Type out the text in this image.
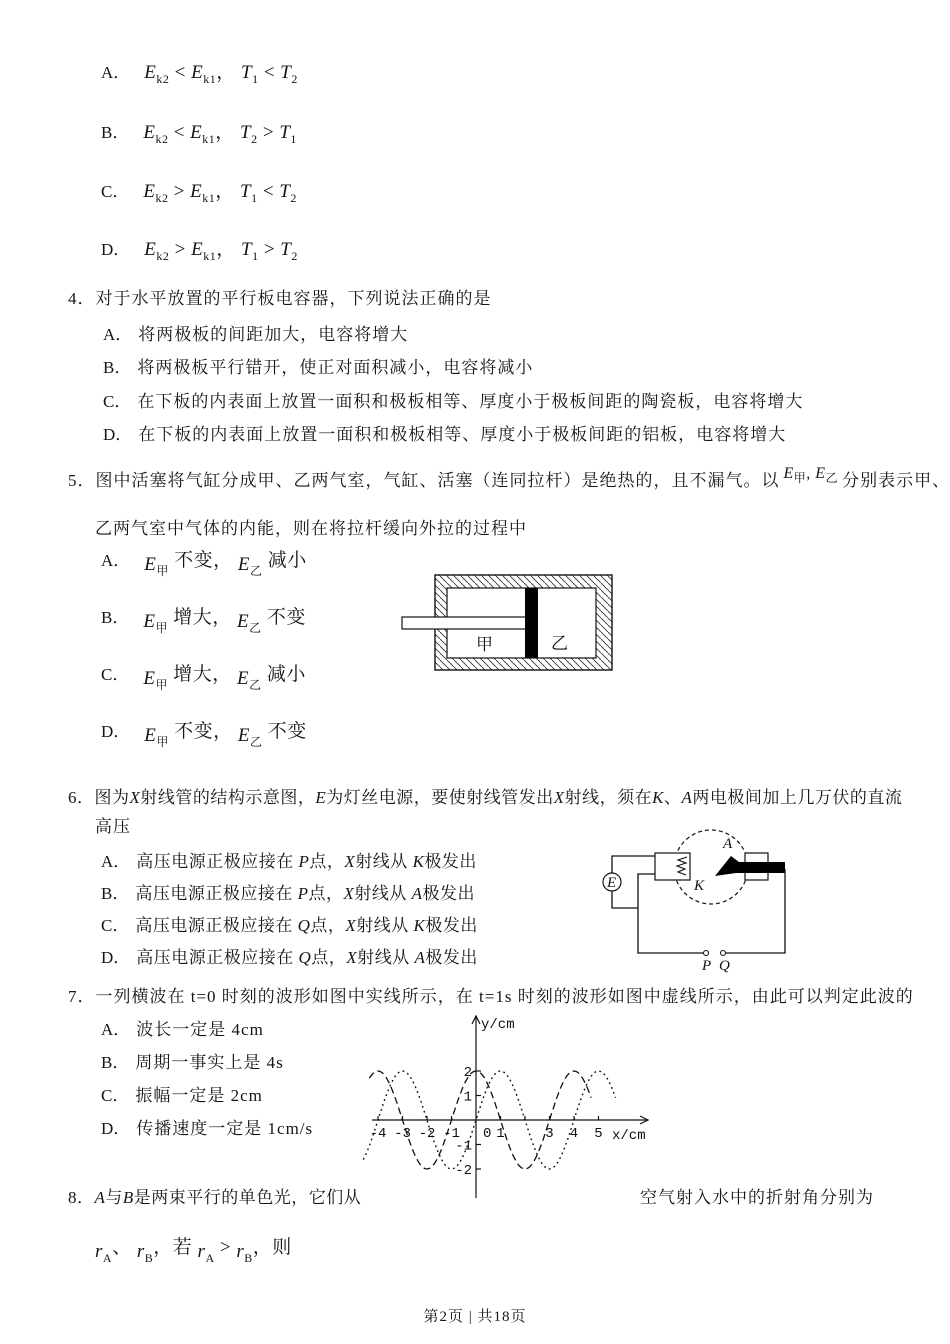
A． $E_{k2} < E_{k1}$， $T_1 < T_2$
B． $E_{k2} < E_{k1}$， $T_2 > T_1$
C． $E_{k2} > E_{k1}$， $T_1 < T_2$
D． $E_{k2} > E_{k1}$， $T_1 > T_2$
4．对于水平放置的平行板电容器，下列说法正确的是
A． 将两极板的间距加大，电容将增大
B． 将两极板平行错开，使正对面积减小，电容将减小
C． 在下板的内表面上放置一面积和极板相等、厚度小于极板间距的陶瓷板，电容将增大
D． 在下板的内表面上放置一面积和极板相等、厚度小于极板间距的铝板，电容将增大
5．图中活塞将气缸分成甲、乙两气室，气缸、活塞（连同拉杆）是绝热的，且不漏气。以 $E_甲$, $E_乙$ 分别表示甲、
乙两气室中气体的内能，则在将拉杆缓向外拉的过程中
A． $E_甲$ 不变， $E_乙$ 减小
B． $E_甲$ 增大， $E_乙$ 不变
C． $E_甲$ 增大， $E_乙$ 减小
D． $E_甲$ 不变， $E_乙$ 不变
甲	乙
6．图为X射线管的结构示意图，E为灯丝电源，要使射线管发出X射线，须在K、A两电极间加上几万伏的直流
高压
A． 高压电源正极应接在 P点，X射线从 K极发出
B． 高压电源正极应接在 P点，X射线从 A极发出
C． 高压电源正极应接在 Q点，X射线从 K极发出
D． 高压电源正极应接在 Q点，X射线从 A极发出
E
A
K
P Q
7．一列横波在 t=0 时刻的波形如图中实线所示，在 t=1s 时刻的波形如图中虚线所示，由此可以判定此波的
A． 波长一定是 4cm
B． 周期一事实上是 4s
C． 振幅一定是 2cm
D． 传播速度一定是 1cm/s
y/cm
x/cm
-4 -3 -2 -1 0 1	3 4 5
2
1
-1
-2
8．A与B是两束平行的单色光，它们从	空气射入水中的折射角分别为
$r_A$、 $r_B$，若 $r_A > r_B$，则
第2页 | 共18页
